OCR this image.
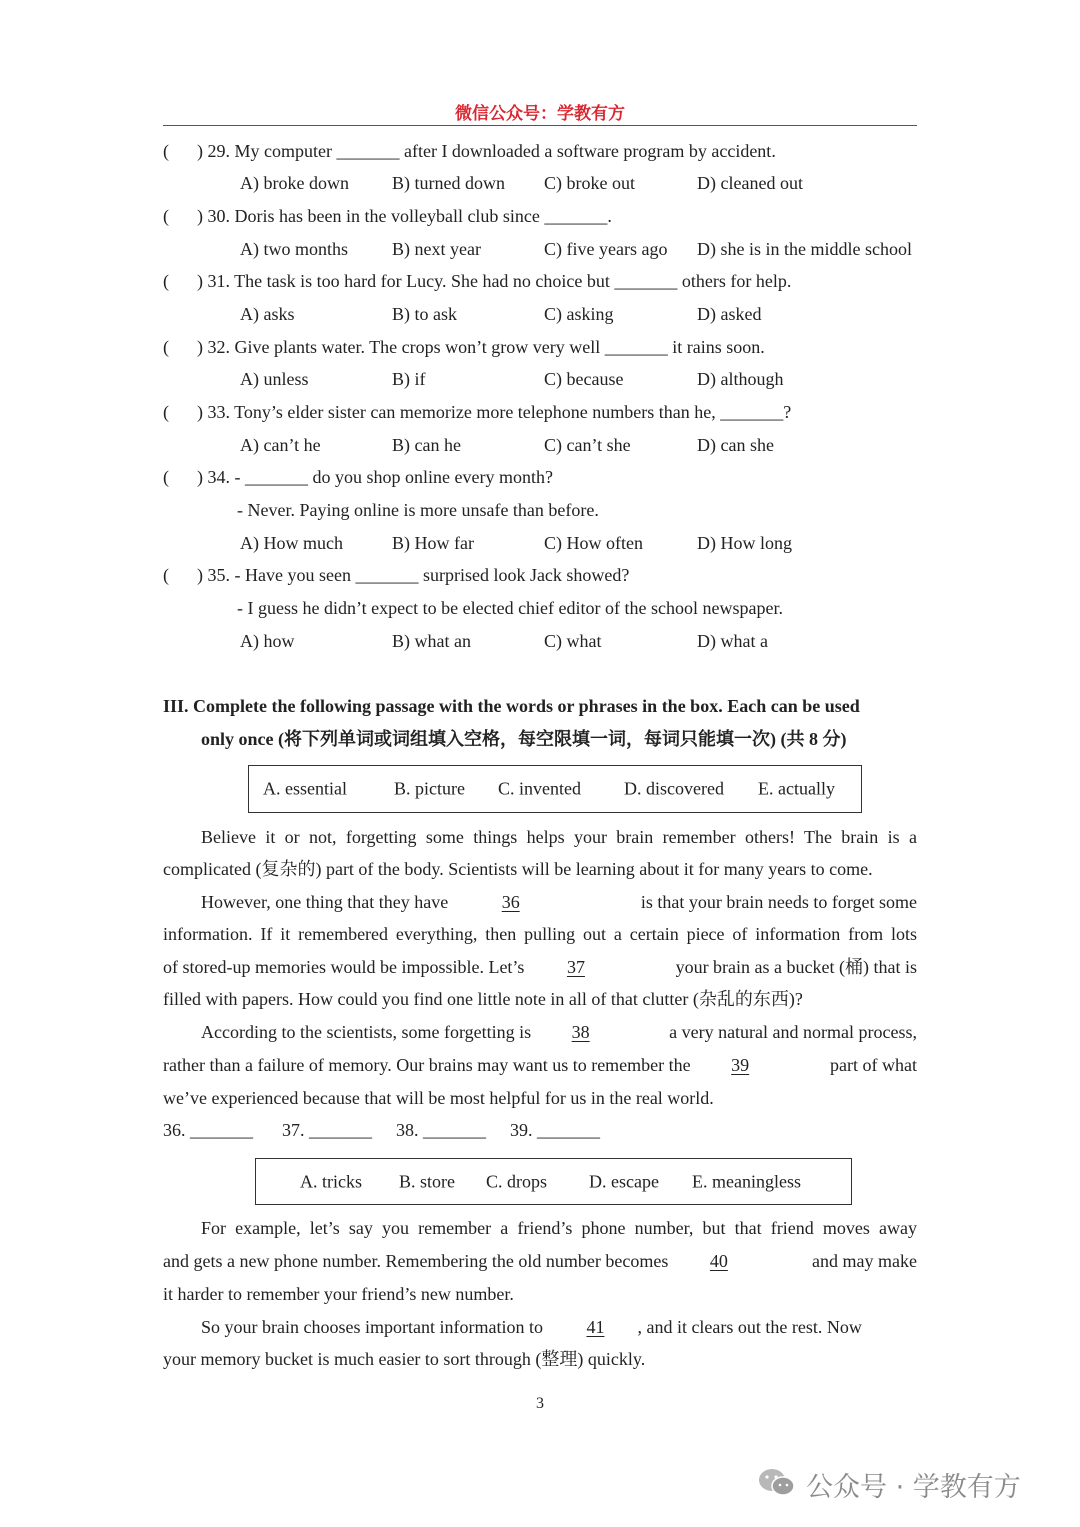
微信公众号：学教有方
( ) 29. My computer _______ after I downloaded a software program by accident.
A) broke down B) turned down C) broke out	D) cleaned out
( ) 30. Doris has been in the volleyball club since _______.
A) two months B) next year	C) five years ago D) she is in the middle school
( ) 31. The task is too hard for Lucy. She had no choice but _______ others for help.
A) asks	B) to ask	C) asking	D) asked
( ) 32. Give plants water. The crops won’t grow very well _______ it rains soon.
A) unless	B) if	C) because	D) although
( ) 33. Tony’s elder sister can memorize more telephone numbers than he, _______?
A) can’t he	B) can he	C) can’t she	D) can she
( ) 34. - _______ do you shop online every month?
- Never. Paying online is more unsafe than before.
A) How much	B) How far	C) How often	D) How long
( ) 35. - Have you seen _______ surprised look Jack showed?
- I guess he didn’t expect to be elected chief editor of the school newspaper.
A) how	B) what an	C) what	D) what a
III. Complete the following passage with the words or phrases in the box. Each can be used
only once (将下列单词或词组填入空格，每空限填一词，每词只能填一次) (共 8 分)
A. essential	B. picture C. invented D. discovered E. actually
Believe it or not, forgetting some things helps your brain remember others! The brain is a
complicated (复杂的) part of the body. Scientists will be learning about it for many years to come.
However, one thing that they have	36	is that your brain needs to forget some
information. If it remembered everything, then pulling out a certain piece of information from lots
of stored-up memories would be impossible. Let’s 37	your brain as a bucket (桶) that is
filled with papers. How could you find one little note in all of that clutter (杂乱的东西)?
According to the scientists, some forgetting is 38	a very natural and normal process,
rather than a failure of memory. Our brains may want us to remember the 39	part of what
we’ve experienced because that will be most helpful for us in the real world.
36. _______ 37. _______ 38. _______ 39. _______
A. tricks B. store C. drops D. escape E. meaningless
For example, let’s say you remember a friend’s phone number, but that friend moves away
and gets a new phone number. Remembering the old number becomes 40	and may make
it harder to remember your friend’s new number.
So your brain chooses important information to 41 , and it clears out the rest. Now
your memory bucket is much easier to sort through (整理) quickly.
3
公众号 · 学教有方
